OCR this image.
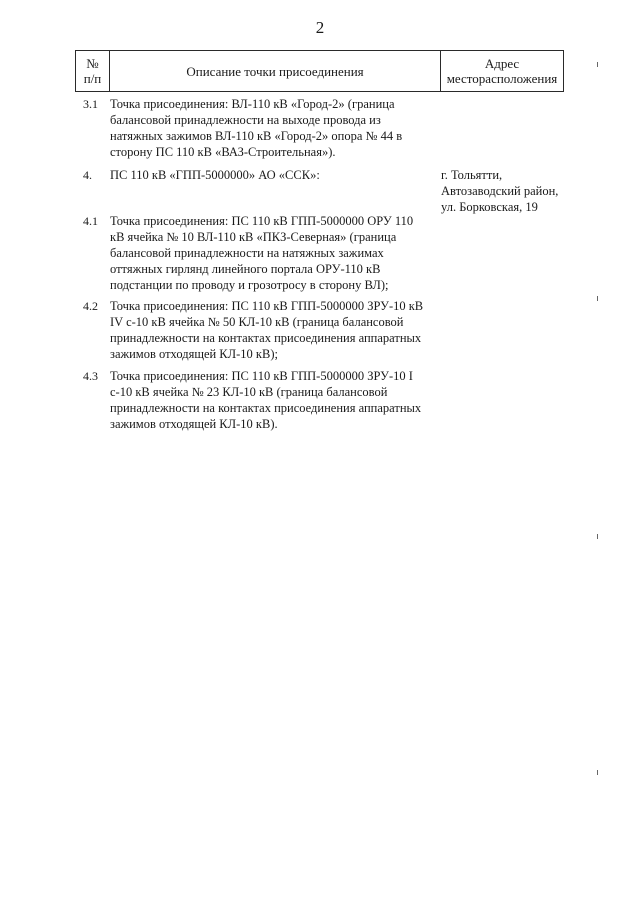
2
№
п/п	Описание точки присоединения	Адрес
месторасположения
3.1 Точка присоединения: ВЛ-110 кВ «Город-2» (граница
балансовой принадлежности на выходе провода из
натяжных зажимов ВЛ-110 кВ «Город-2» опора № 44 в
сторону ПС 110 кВ «ВАЗ-Строительная»).
4.	ПС 110 кВ «ГПП-5000000» АО «ССК»:	г. Тольятти,
Автозаводский район,
ул. Борковская, 19
4.1 Точка присоединения: ПС 110 кВ ГПП-5000000 ОРУ 110
кВ ячейка № 10 ВЛ-110 кВ «ПКЗ-Северная» (граница
балансовой принадлежности на натяжных зажимах
оттяжных гирлянд линейного портала ОРУ-110 кВ
подстанции по проводу и грозотросу в сторону ВЛ);
4.2 Точка присоединения: ПС 110 кВ ГПП-5000000 ЗРУ-10 кВ
IV с-10 кВ ячейка № 50 КЛ-10 кВ (граница балансовой
принадлежности на контактах присоединения аппаратных
зажимов отходящей КЛ-10 кВ);
4.3 Точка присоединения: ПС 110 кВ ГПП-5000000 ЗРУ-10 I
с-10 кВ ячейка № 23 КЛ-10 кВ (граница балансовой
принадлежности на контактах присоединения аппаратных
зажимов отходящей КЛ-10 кВ).
